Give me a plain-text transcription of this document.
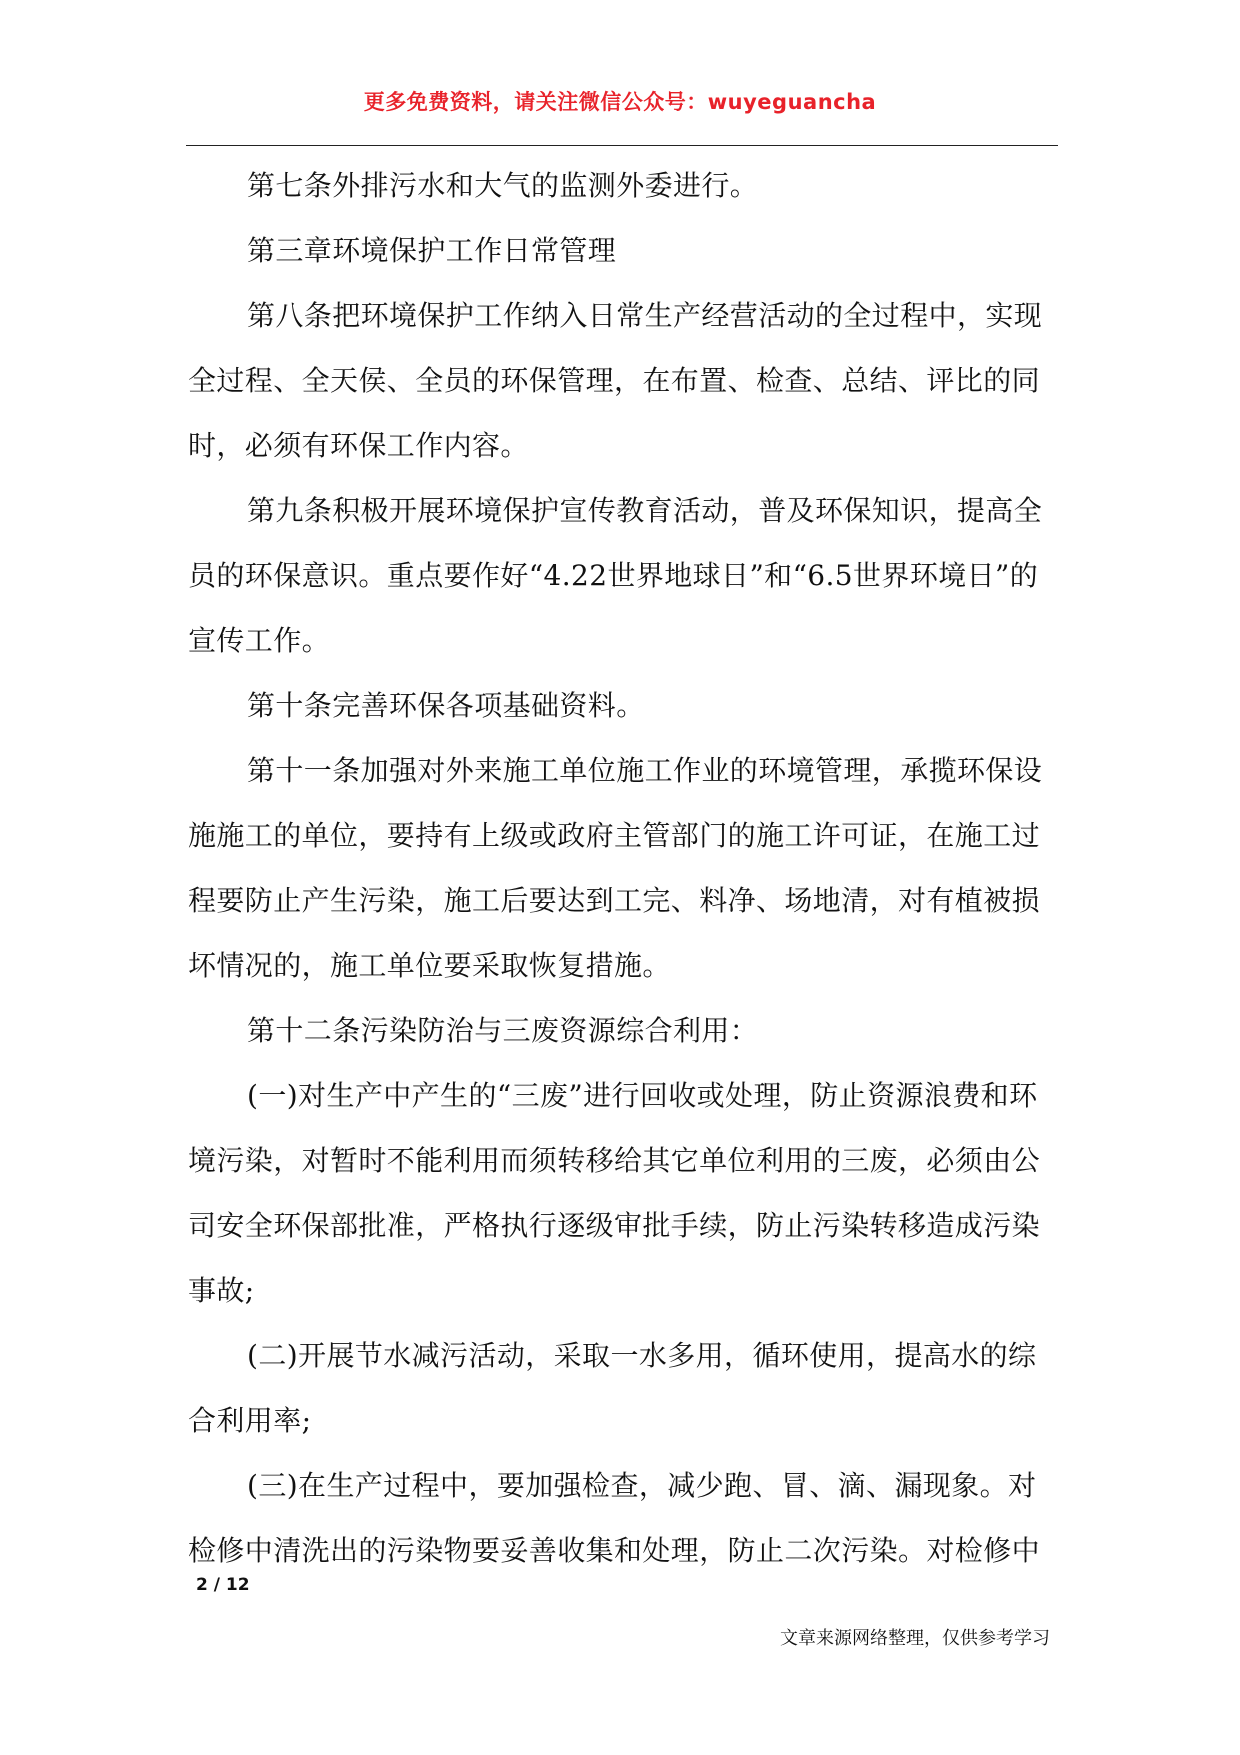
更多免费资料，请关注微信公众号：wuyeguancha

第七条外排污水和大气的监测外委进行。

第三章环境保护工作日常管理

第八条把环境保护工作纳入日常生产经营活动的全过程中，实现全过程、全天侯、全员的环保管理，在布置、检查、总结、评比的同时，必须有环保工作内容。

第九条积极开展环境保护宣传教育活动，普及环保知识，提高全员的环保意识。重点要作好“4.22世界地球日”和“6.5世界环境日”的宣传工作。

第十条完善环保各项基础资料。

第十一条加强对外来施工单位施工作业的环境管理，承揽环保设施施工的单位，要持有上级或政府主管部门的施工许可证，在施工过程要防止产生污染，施工后要达到工完、料净、场地清，对有植被损坏情况的，施工单位要采取恢复措施。

第十二条污染防治与三废资源综合利用：

(一)对生产中产生的“三废”进行回收或处理，防止资源浪费和环境污染，对暂时不能利用而须转移给其它单位利用的三废，必须由公司安全环保部批准，严格执行逐级审批手续，防止污染转移造成污染事故;

(二)开展节水减污活动，采取一水多用，循环使用，提高水的综合利用率;

(三)在生产过程中，要加强检查，减少跑、冒、滴、漏现象。对检修中清洗出的污染物要妥善收集和处理，防止二次污染。对检修中

2 / 12
文章来源网络整理，仅供参考学习
